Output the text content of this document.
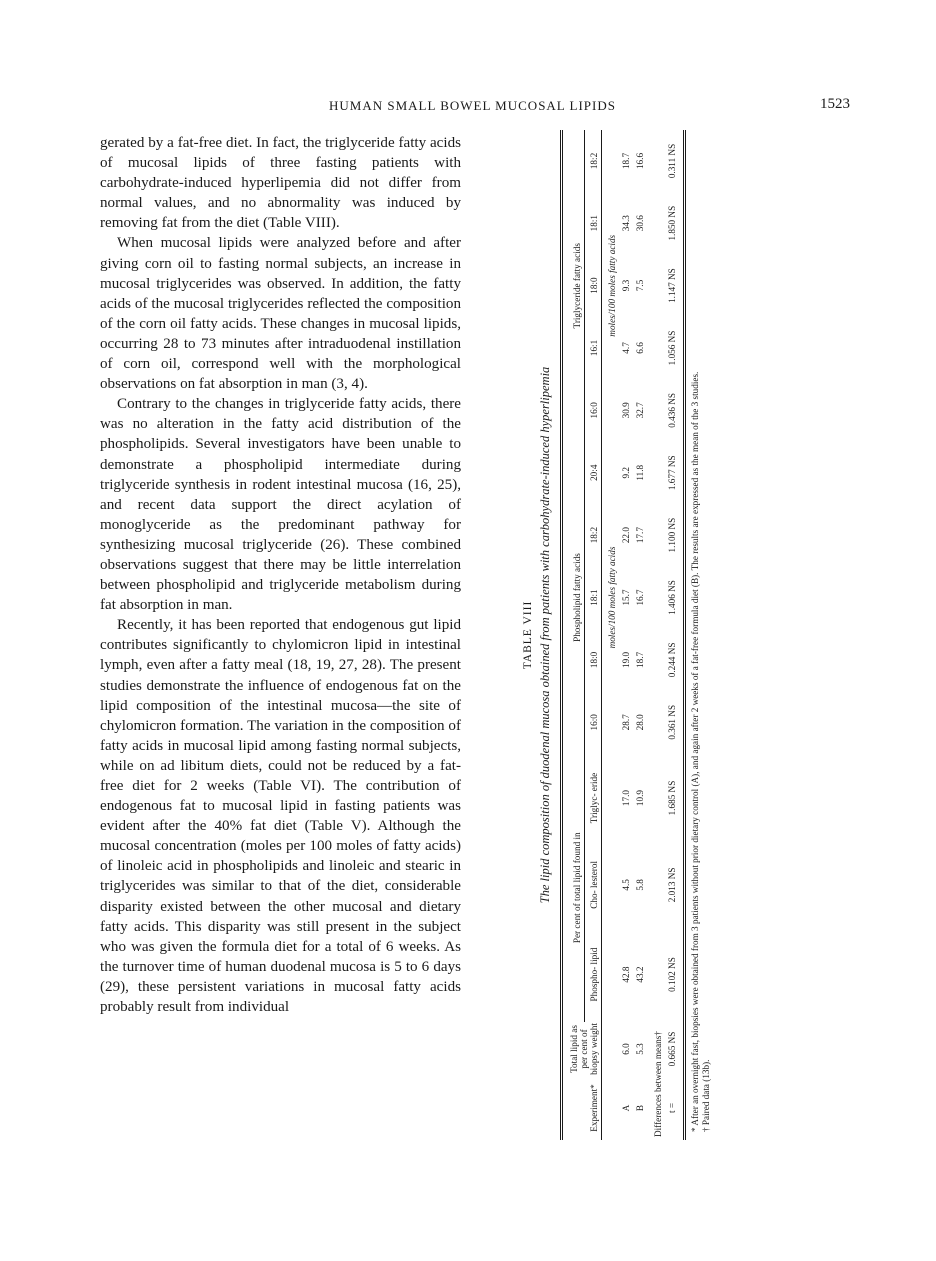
HUMAN SMALL BOWEL MUCOSAL LIPIDS	1523

gerated by a fat-free diet. In fact, the triglyceride fatty acids of mucosal lipids of three fasting patients with carbohydrate-induced hyperlipemia did not differ from normal values, and no abnormality was induced by removing fat from the diet (Table VIII).

When mucosal lipids were analyzed before and after giving corn oil to fasting normal subjects, an increase in mucosal triglycerides was observed. In addition, the fatty acids of the mucosal triglycerides reflected the composition of the corn oil fatty acids. These changes in mucosal lipids, occurring 28 to 73 minutes after intraduodenal instillation of corn oil, correspond well with the morphological observations on fat absorption in man (3, 4).

Contrary to the changes in triglyceride fatty acids, there was no alteration in the fatty acid distribution of the phospholipids. Several investigators have been unable to demonstrate a phospholipid intermediate during triglyceride synthesis in rodent intestinal mucosa (16, 25), and recent data support the direct acylation of monoglyceride as the predominant pathway for synthesizing mucosal triglyceride (26). These combined observations suggest that there may be little interrelation between phospholipid and triglyceride metabolism during fat absorption in man.

Recently, it has been reported that endogenous gut lipid contributes significantly to chylomicron lipid in intestinal lymph, even after a fatty meal (18, 19, 27, 28). The present studies demonstrate the influence of endogenous fat on the lipid composition of the intestinal mucosa—the site of chylomicron formation. The variation in the composition of fatty acids in mucosal lipid among fasting normal subjects, while on ad libitum diets, could not be reduced by a fat-free diet for 2 weeks (Table VI). The contribution of endogenous fat to mucosal lipid in fasting patients was evident after the 40% fat diet (Table V). Although the mucosal concentration (moles per 100 moles of fatty acids) of linoleic acid in phospholipids and linoleic and stearic in triglycerides was similar to that of the diet, considerable disparity existed between the other mucosal and dietary fatty acids. This disparity was still present in the subject who was given the formula diet for a total of 6 weeks. As the turnover time of human duodenal mucosa is 5 to 6 days (29), these persistent variations in mucosal fatty acids probably result from individual

TABLE VIII The lipid composition of duodenal mucosa obtained from patients with carbohydrate-induced hyperlipemia
Experiment*	Total lipid as per cent of biopsy weight	Per cent of total lipid found in			Phospholipid fatty acids					Triglyceride fatty acids				
		Phospho- lipid	Cho- lesterol	Triglyc- eride	16:0	18:0	18:1	18:2	20:4	16:0	16:1	18:0	18:1	18:2
					moles/100 moles fatty acids					moles/100 moles fatty acids				
A	6.0	42.8	4.5	17.0	28.7	19.0	15.7	22.0	9.2	30.9	4.7	9.3	34.3	18.7
B	5.3	43.2	5.8	10.9	28.0	18.7	16.7	17.7	11.8	32.7	6.6	7.5	30.6	16.6
Differences between means†														
t =	0.665 NS	0.102 NS	2.013 NS	1.685 NS	0.361 NS	0.244 NS	1.406 NS	1.100 NS	1.677 NS	0.436 NS	1.056 NS	1.147 NS	1.850 NS	0.311 NS
* After an overnight fast, biopsies were obtained from 3 patients without prior dietary control (A), and again after 2 weeks of a fat-free formula diet (B). The results are expressed as the mean of the 3 studies. † Paired data (13b).
